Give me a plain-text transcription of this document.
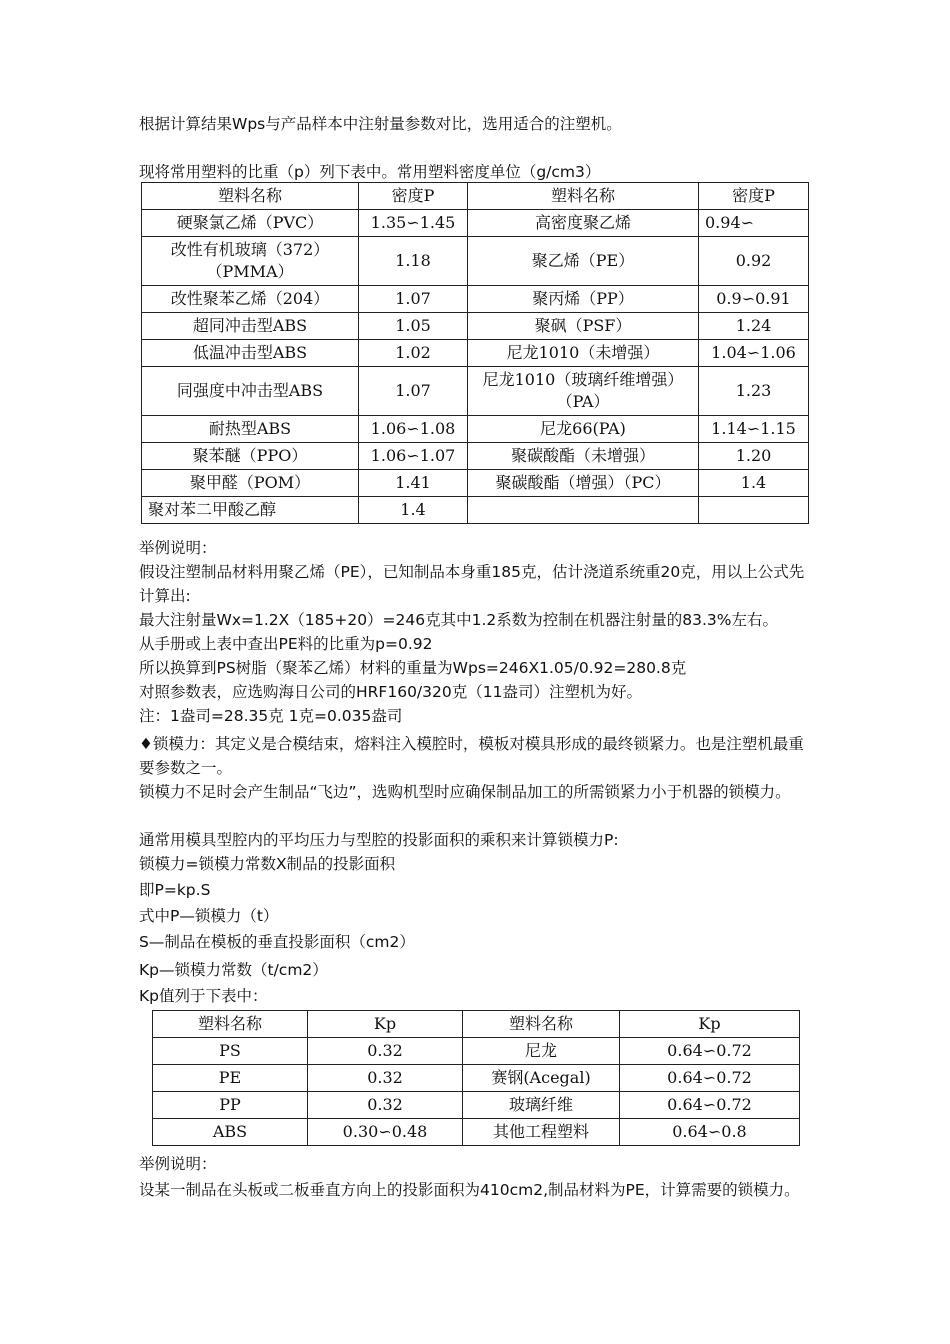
根据计算结果Wps与产品样本中注射量参数对比，选用适合的注塑机。
现将常用塑料的比重（p）列下表中。常用塑料密度单位（g/cm3）
塑料名称	密度P	塑料名称	密度P
硬聚氯乙烯（PVC）	1.35∽1.45	高密度聚乙烯	0.94∽
改性有机玻璃（372）（PMMA）	1.18	聚乙烯（PE）	0.92
改性聚苯乙烯（204）	1.07	聚丙烯（PP）	0.9∽0.91
超同冲击型ABS	1.05	聚砜（PSF）	1.24
低温冲击型ABS	1.02	尼龙1010（未增强）	1.04∽1.06
同强度中冲击型ABS	1.07	尼龙1010（玻璃纤维增强）（PA）	1.23
耐热型ABS	1.06∽1.08	尼龙66(PA)	1.14∽1.15
聚苯醚（PPO）	1.06∽1.07	聚碳酸酯（未增强）	1.20
聚甲醛（POM）	1.41	聚碳酸酯（增强）（PC）	1.4
聚对苯二甲酸乙醇	1.4		
举例说明：
假设注塑制品材料用聚乙烯（PE），已知制品本身重185克，估计浇道系统重20克，用以上公式先计算出:
最大注射量Wx=1.2X（185+20）=246克其中1.2系数为控制在机器注射量的83.3%左右。
从手册或上表中查出PE料的比重为p=0.92
所以换算到PS树脂（聚苯乙烯）材料的重量为Wps=246X1.05/0.92=280.8克
对照参数表，应选购海日公司的HRF160/320克（11盎司）注塑机为好。
注：1盎司=28.35克 1克=0.035盎司
♦锁模力：其定义是合模结束，熔料注入模腔时，模板对模具形成的最终锁紧力。也是注塑机最重要参数之一。
锁模力不足时会产生制品“飞边”，选购机型时应确保制品加工的所需锁紧力小于机器的锁模力。
通常用模具型腔内的平均压力与型腔的投影面积的乘积来计算锁模力P:
锁模力=锁模力常数X制品的投影面积
即P=kp.S
式中P—锁模力（t）
S—制品在模板的垂直投影面积（cm2）
Kp—锁模力常数（t/cm2）
Kp值列于下表中：
塑料名称	Kp	塑料名称	Kp
PS	0.32	尼龙	0.64∽0.72
PE	0.32	赛钢(Acegal)	0.64∽0.72
PP	0.32	玻璃纤维	0.64∽0.72
ABS	0.30∽0.48	其他工程塑料	0.64∽0.8
举例说明：
设某一制品在头板或二板垂直方向上的投影面积为410cm2,制品材料为PE，计算需要的锁模力。
